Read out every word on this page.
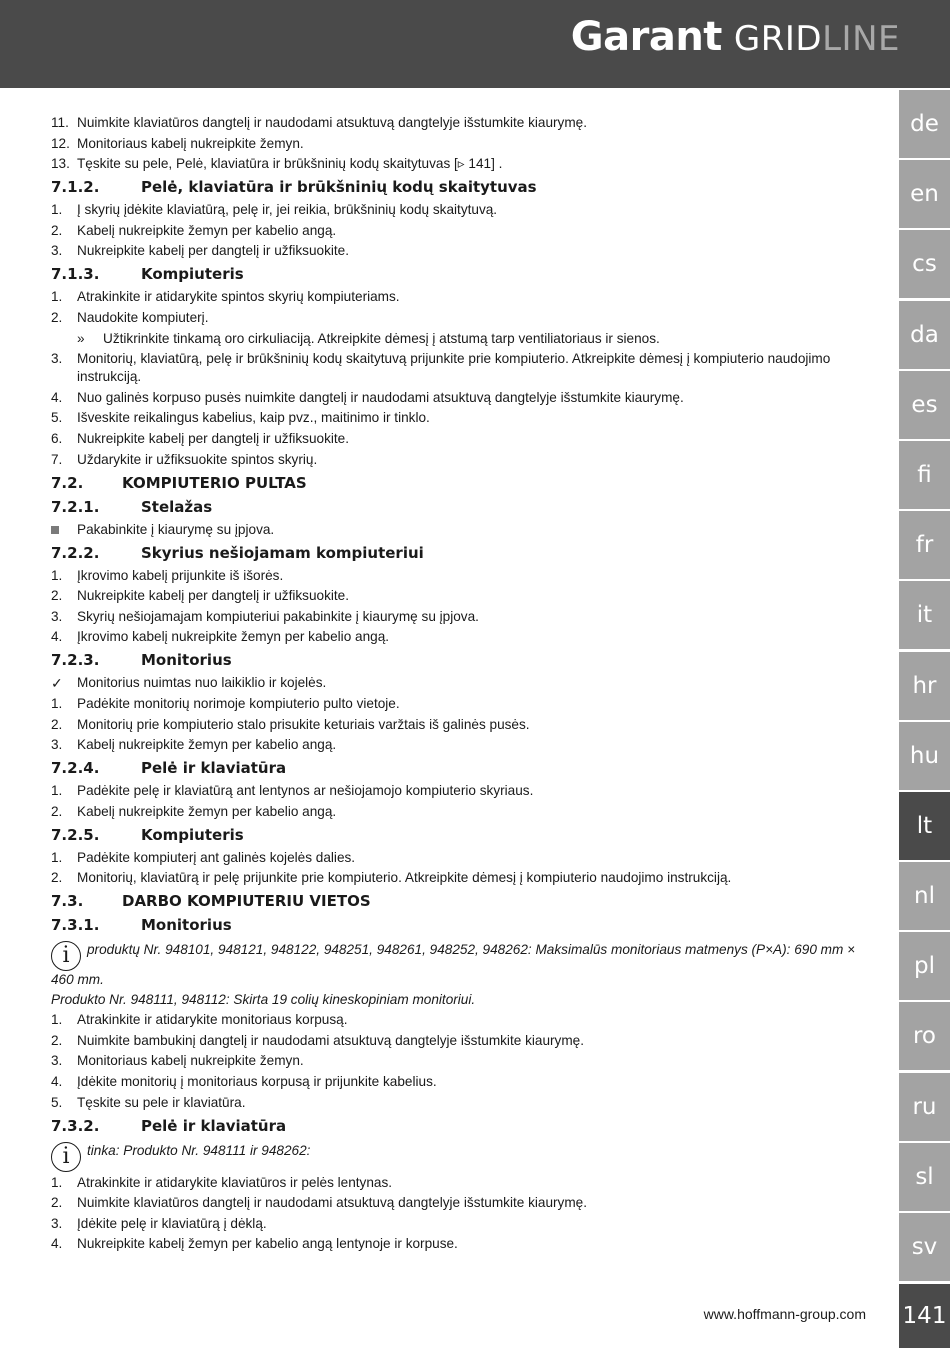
Garant GRID LINE
de
en
cs
da
es
fi
fr
it
hr
hu
lt
nl
pl
ro
ru
sl
sv
11. Nuimkite klaviatūros dangtelį ir naudodami atsuktuvą dangtelyje išstumkite kiaurymę.
12. Monitoriaus kabelį nukreipkite žemyn.
13. Tęskite su pele, Pelė, klaviatūra ir brūkšninių kodų skaitytuvas [▹ 141] .
7.1.2.	Pelė, klaviatūra ir brūkšninių kodų skaitytuvas
1.	Į skyrių įdėkite klaviatūrą, pelę ir, jei reikia, brūkšninių kodų skaitytuvą.
2.	Kabelį nukreipkite žemyn per kabelio angą.
3.	Nukreipkite kabelį per dangtelį ir užfiksuokite.
7.1.3.	Kompiuteris
1.	Atrakinkite ir atidarykite spintos skyrių kompiuteriams.
2.	Naudokite kompiuterį.
»	Užtikrinkite tinkamą oro cirkuliaciją. Atkreipkite dėmesį į atstumą tarp ventiliatoriaus ir sienos.
3.	Monitorių, klaviatūrą, pelę ir brūkšninių kodų skaitytuvą prijunkite prie kompiuterio. Atkreipkite dėmesį į kompiuterio naudojimo instrukciją.
4.	Nuo galinės korpuso pusės nuimkite dangtelį ir naudodami atsuktuvą dangtelyje išstumkite kiaurymę.
5.	Išveskite reikalingus kabelius, kaip pvz., maitinimo ir tinklo.
6.	Nukreipkite kabelį per dangtelį ir užfiksuokite.
7.	Uždarykite ir užfiksuokite spintos skyrių.
7.2.	KOMPIUTERIO PULTAS
7.2.1.	Stelažas
Pakabinkite į kiaurymę su įpjova.
7.2.2.	Skyrius nešiojamam kompiuteriui
1.	Įkrovimo kabelį prijunkite iš išorės.
2.	Nukreipkite kabelį per dangtelį ir užfiksuokite.
3.	Skyrių nešiojamajam kompiuteriui pakabinkite į kiaurymę su įpjova.
4.	Įkrovimo kabelį nukreipkite žemyn per kabelio angą.
7.2.3.	Monitorius
✓	Monitorius nuimtas nuo laikiklio ir kojelės.
1.	Padėkite monitorių norimoje kompiuterio pulto vietoje.
2.	Monitorių prie kompiuterio stalo prisukite keturiais varžtais iš galinės pusės.
3.	Kabelį nukreipkite žemyn per kabelio angą.
7.2.4.	Pelė ir klaviatūra
1.	Padėkite pelę ir klaviatūrą ant lentynos ar nešiojamojo kompiuterio skyriaus.
2.	Kabelį nukreipkite žemyn per kabelio angą.
7.2.5.	Kompiuteris
1.	Padėkite kompiuterį ant galinės kojelės dalies.
2.	Monitorių, klaviatūrą ir pelę prijunkite prie kompiuterio. Atkreipkite dėmesį į kompiuterio naudojimo instrukciją.
7.3.	DARBO KOMPIUTERIU VIETOS
7.3.1.	Monitorius

i produktų Nr. 948101, 948121, 948122, 948251, 948261, 948252, 948262: Maksimalūs monitoriaus matmenys (P×A): 690 mm × 460 mm.

Produkto Nr. 948111, 948112: Skirta 19 colių kineskopiniam monitoriui.

1.	Atrakinkite ir atidarykite monitoriaus korpusą.
2.	Nuimkite bambukinį dangtelį ir naudodami atsuktuvą dangtelyje išstumkite kiaurymę.
3.	Monitoriaus kabelį nukreipkite žemyn.
4.	Įdėkite monitorių į monitoriaus korpusą ir prijunkite kabelius.
5.	Tęskite su pele ir klaviatūra.
7.3.2.	Pelė ir klaviatūra

i tinka: Produkto Nr. 948111 ir 948262:

1.	Atrakinkite ir atidarykite klaviatūros ir pelės lentynas.
2.	Nuimkite klaviatūros dangtelį ir naudodami atsuktuvą dangtelyje išstumkite kiaurymę.
3.	Įdėkite pelę ir klaviatūrą į dėklą.
4.	Nukreipkite kabelį žemyn per kabelio angą lentynoje ir korpuse.
www.hoffmann-group.com 141
